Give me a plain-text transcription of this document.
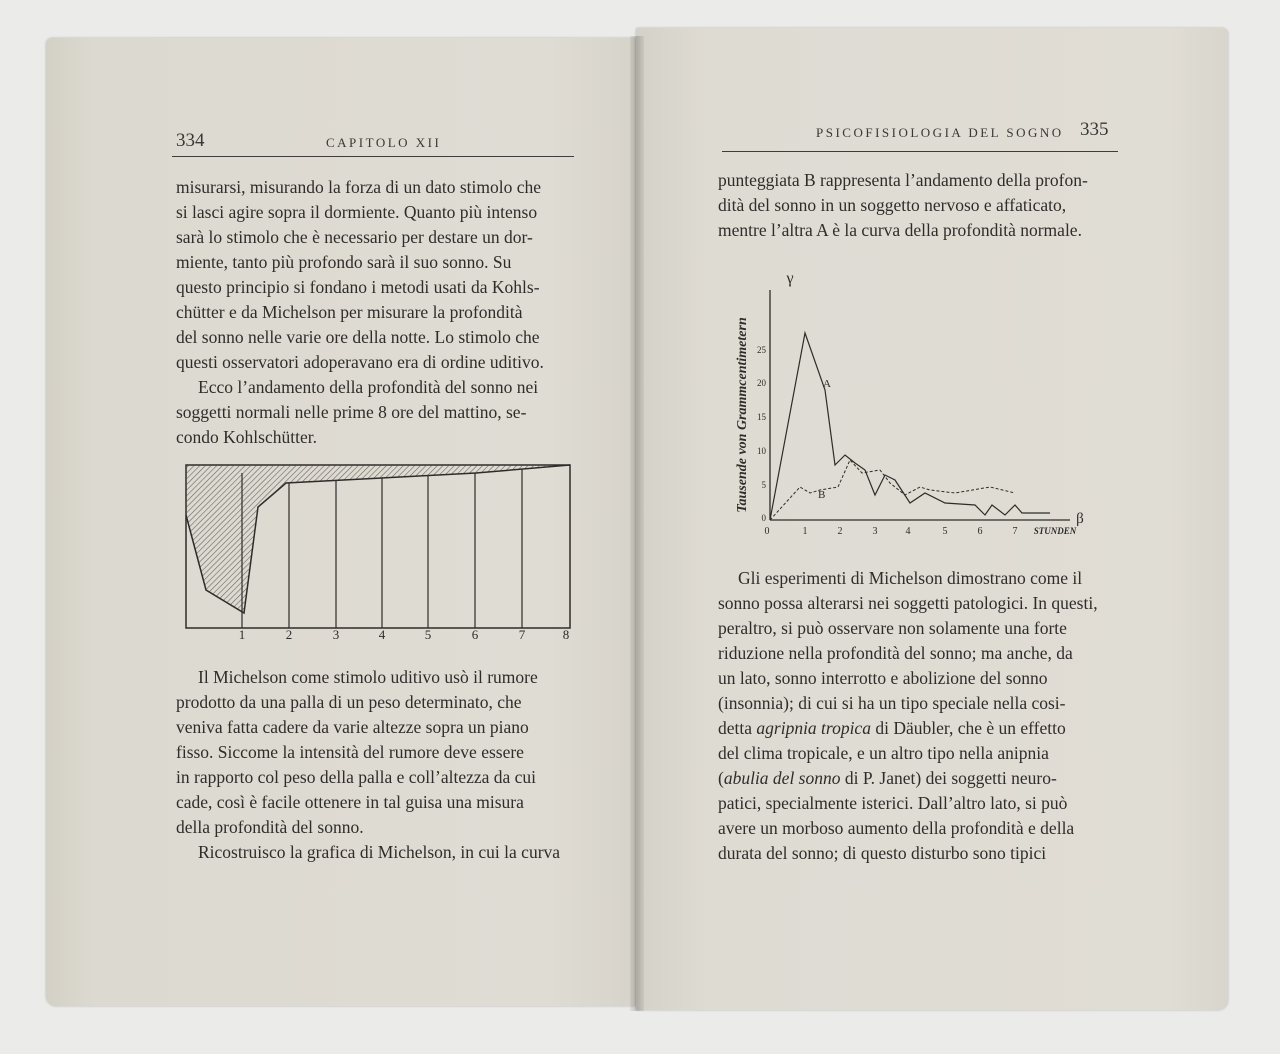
334	CAPITOLO XII
misurarsi, misurando la forza di un dato stimolo che
si lasci agire sopra il dormiente. Quanto più intenso
sarà lo stimolo che è necessario per destare un dor-
miente, tanto più profondo sarà il suo sonno. Su
questo principio si fondano i metodi usati da Kohls-
chütter e da Michelson per misurare la profondità
del sonno nelle varie ore della notte. Lo stimolo che
questi osservatori adoperavano era di ordine uditivo.
Ecco l’andamento della profondità del sonno nei
soggetti normali nelle prime 8 ore del mattino, se-
condo Kohlschütter.
1	2	3	4	5	6	7	8
Il Michelson come stimolo uditivo usò il rumore
prodotto da una palla di un peso determinato, che
veniva fatta cadere da varie altezze sopra un piano
fisso. Siccome la intensità del rumore deve essere
in rapporto col peso della palla e coll’altezza da cui
cade, così è facile ottenere in tal guisa una misura
della profondità del sonno.
Ricostruisco la grafica di Michelson, in cui la curva
PSICOFISIOLOGIA DEL SOGNO 335
punteggiata B rappresenta l’andamento della profon-
dità del sonno in un soggetto nervoso e affaticato,
mentre l’altra A è la curva della profondità normale.
γ
β
Tausende von Grammcentimetern 25
20
15
10
5
0
0	1	2	3	4	5	6	7 STUNDEN
A
B
Gli esperimenti di Michelson dimostrano come il
sonno possa alterarsi nei soggetti patologici. In questi,
peraltro, si può osservare non solamente una forte
riduzione nella profondità del sonno; ma anche, da
un lato, sonno interrotto e abolizione del sonno
(insonnia); di cui si ha un tipo speciale nella cosi-
detta agripnia tropica di Däubler, che è un effetto
del clima tropicale, e un altro tipo nella anipnia
(abulia del sonno di P. Janet) dei soggetti neuro-
patici, specialmente isterici. Dall’altro lato, si può
avere un morboso aumento della profondità e della
durata del sonno; di questo disturbo sono tipici
